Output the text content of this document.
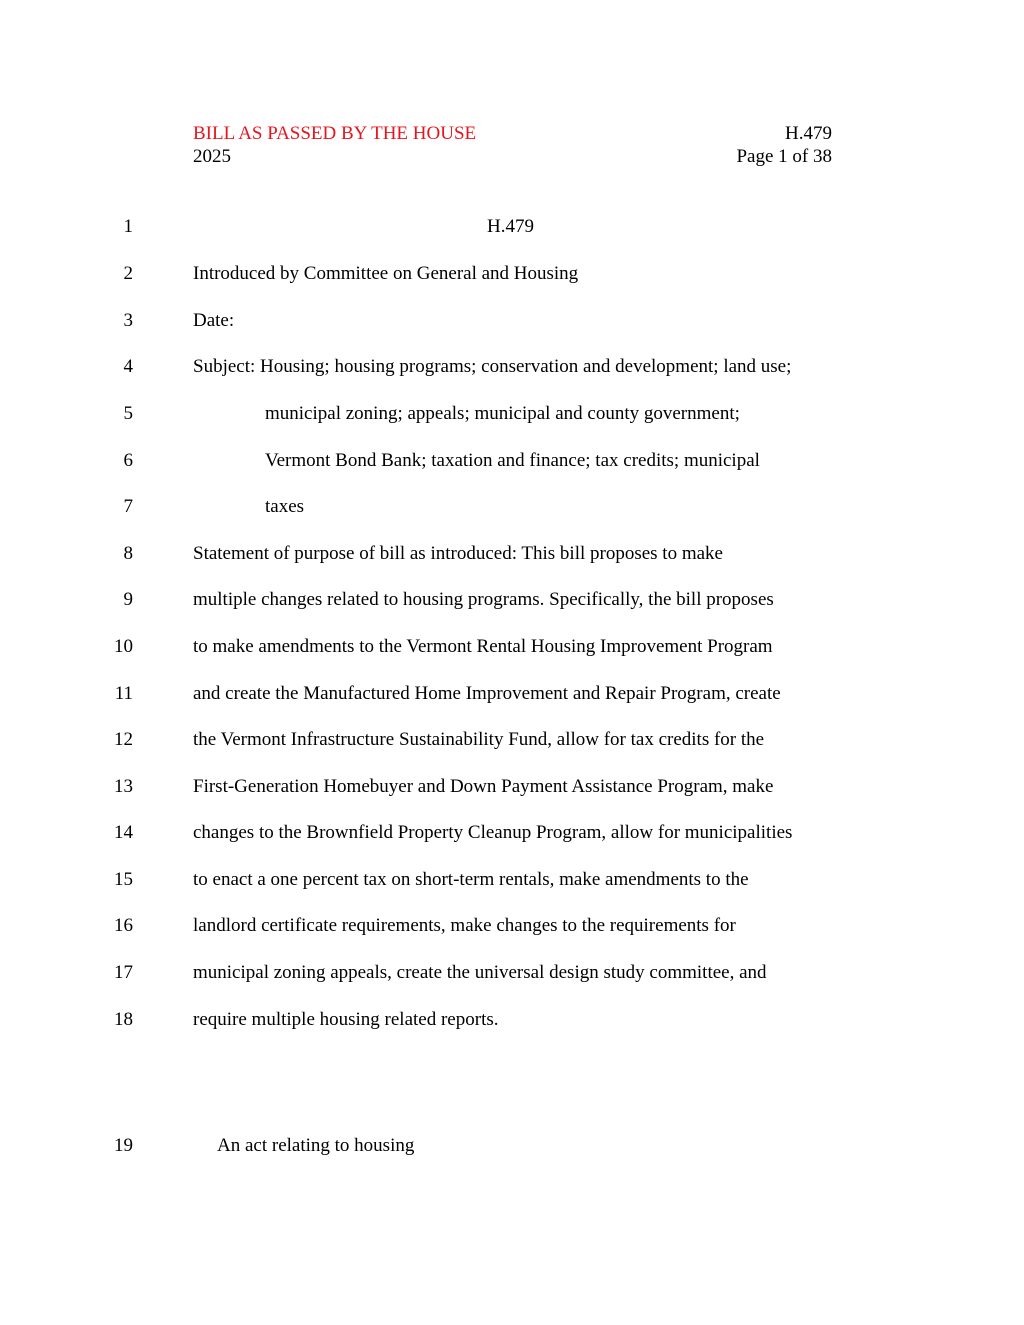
BILL AS PASSED BY THE HOUSE	H.479
2025	Page 1 of 38
1	H.479
2	Introduced by Committee on General and Housing
3	Date:
4	Subject: Housing; housing programs; conservation and development; land use;
5	municipal zoning; appeals; municipal and county government;
6	Vermont Bond Bank; taxation and finance; tax credits; municipal
7	taxes
8	Statement of purpose of bill as introduced: This bill proposes to make
9	multiple changes related to housing programs. Specifically, the bill proposes
10	to make amendments to the Vermont Rental Housing Improvement Program
11	and create the Manufactured Home Improvement and Repair Program, create
12	the Vermont Infrastructure Sustainability Fund, allow for tax credits for the
13	First-Generation Homebuyer and Down Payment Assistance Program, make
14	changes to the Brownfield Property Cleanup Program, allow for municipalities
15	to enact a one percent tax on short-term rentals, make amendments to the
16	landlord certificate requirements, make changes to the requirements for
17	municipal zoning appeals, create the universal design study committee, and
18	require multiple housing related reports.
19	An act relating to housing
